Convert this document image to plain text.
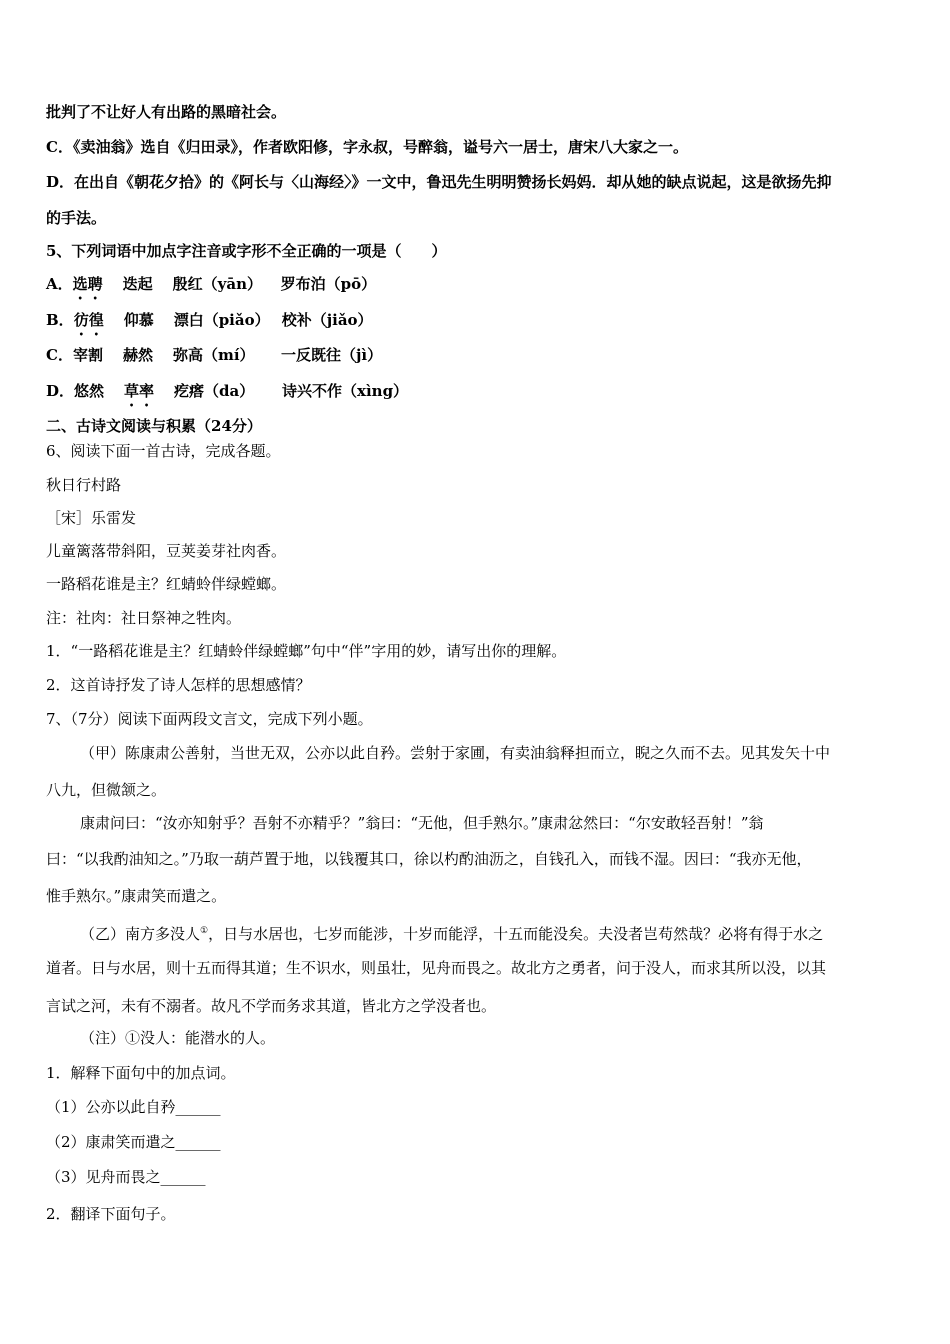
批判了不让好人有出路的黑暗社会。
C．《卖油翁》选自《归田录》，作者欧阳修，字永叔，号醉翁，谥号六一居士，唐宋八大家之一。
D．在出自《朝花夕拾》的《阿长与〈山海经〉》一文中，鲁迅先生明明赞扬长妈妈．却从她的缺点说起，这是欲扬先抑
的手法。
5、下列词语中加点字注音或字形不全正确的一项是（　　）
A．选聘 迭起 殷红（yān） 罗布泊（pō）
B．彷徨 仰慕 漂白（piǎo） 校补（jiǎo）
C．宰割 赫然 弥高（mí） 一反既往（jì）
D．悠然 草率 疙瘩（da） 诗兴不作（xìng）
二、古诗文阅读与积累（24分）
6、阅读下面一首古诗，完成各题。
秋日行村路
［宋］乐雷发
儿童篱落带斜阳，豆荚姜芽社肉香。
一路稻花谁是主？红蜻蛉伴绿螳螂。
注：社肉：社日祭神之牲肉。
1．“一路稻花谁是主？红蜻蛉伴绿螳螂”句中“伴”字用的妙，请写出你的理解。
2．这首诗抒发了诗人怎样的思想感情？
7、（7分）阅读下面两段文言文，完成下列小题。
（甲）陈康肃公善射，当世无双，公亦以此自矜。尝射于家圃，有卖油翁释担而立，睨之久而不去。见其发矢十中
八九，但微颔之。
康肃问曰：“汝亦知射乎？吾射不亦精乎？”翁曰：“无他，但手熟尔。”康肃忿然曰：“尔安敢轻吾射！”翁
曰：“以我酌油知之。”乃取一葫芦置于地，以钱覆其口，徐以杓酌油沥之，自钱孔入，而钱不湿。因曰：“我亦无他，
惟手熟尔。”康肃笑而遣之。
（乙）南方多没人①，日与水居也，七岁而能涉，十岁而能浮，十五而能没矣。夫没者岂苟然哉？必将有得于水之
道者。日与水居，则十五而得其道；生不识水，则虽壮，见舟而畏之。故北方之勇者，问于没人，而求其所以没，以其
言试之河，未有不溺者。故凡不学而务求其道，皆北方之学没者也。
（注）①没人：能潜水的人。
1．解释下面句中的加点词。
（1）公亦以此自矜______
（2）康肃笑而遣之______
（3）见舟而畏之______
2．翻译下面句子。
